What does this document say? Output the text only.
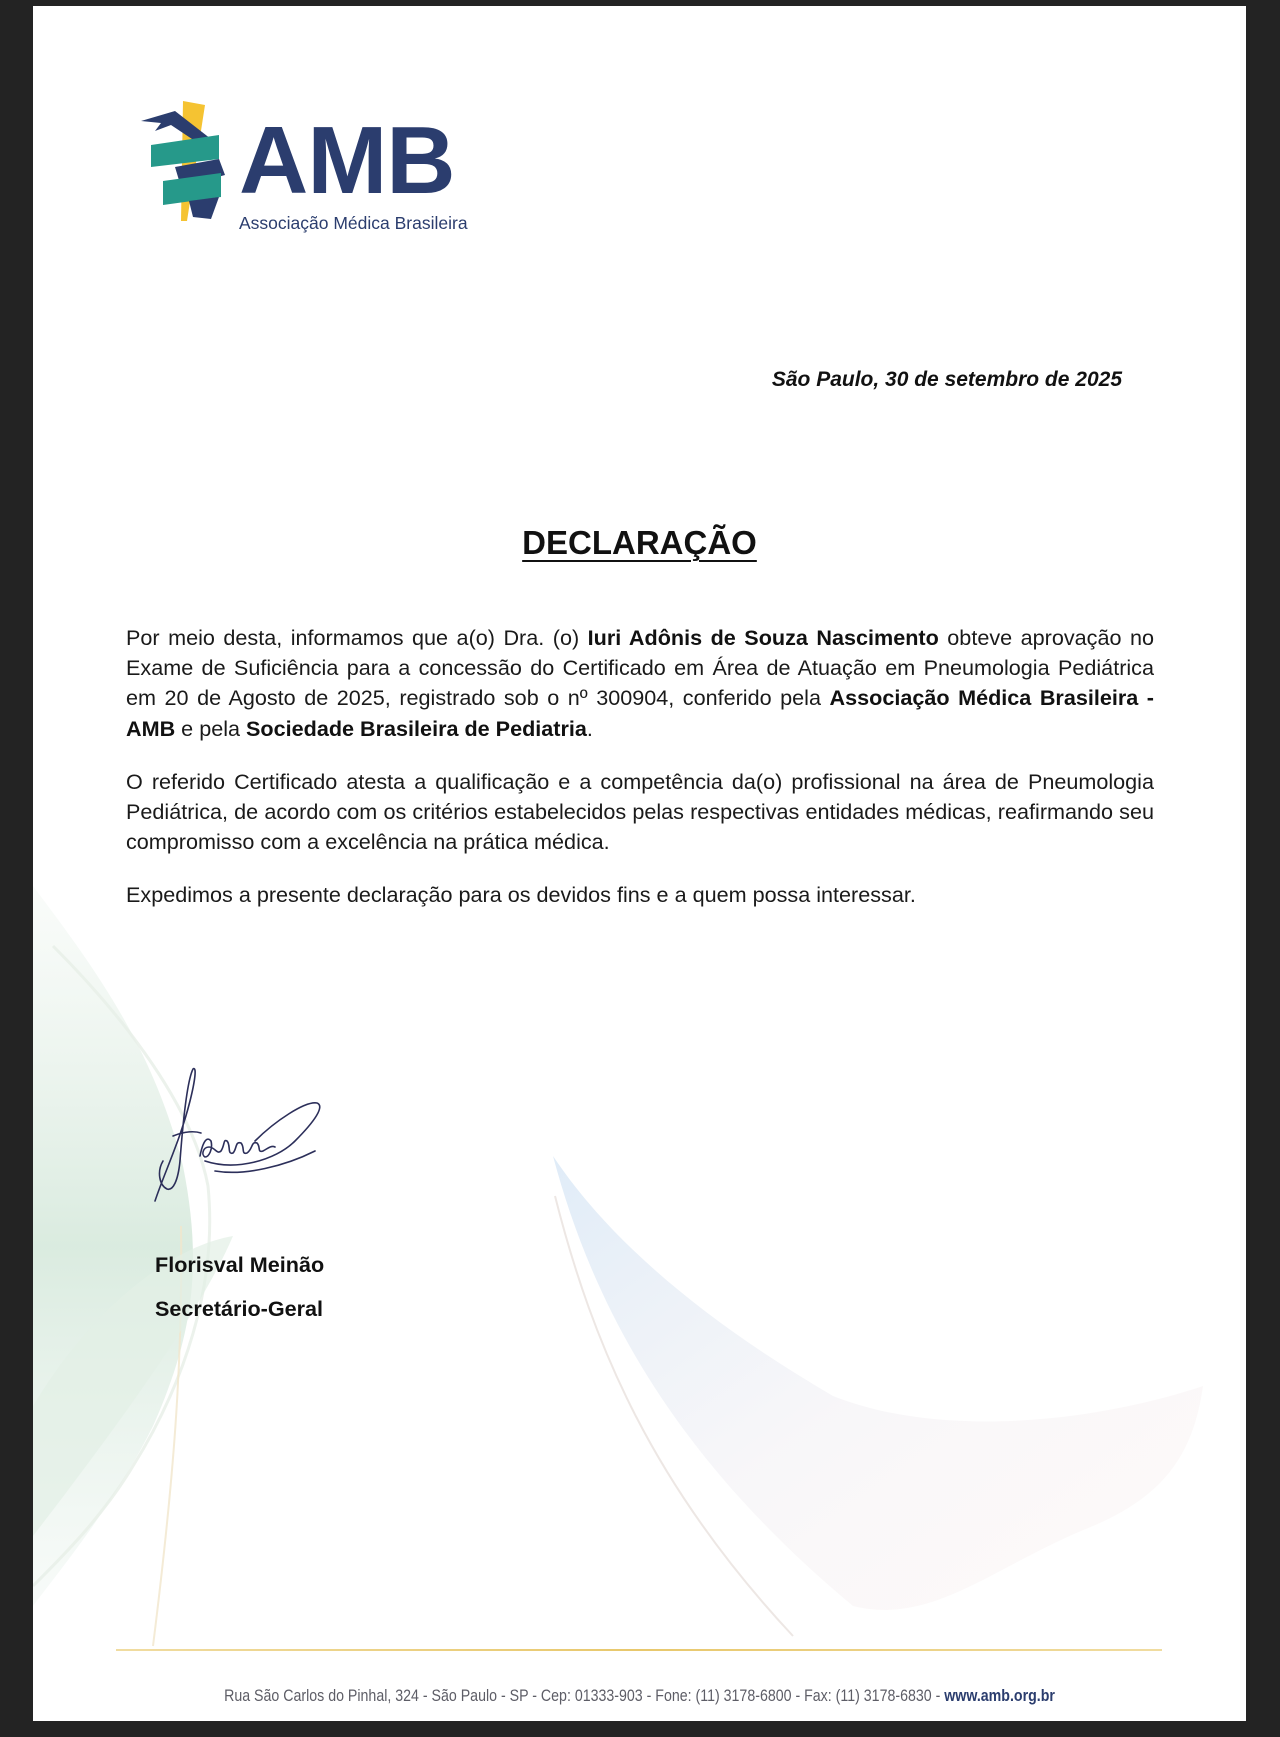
AMB
Associação Médica Brasileira
São Paulo, 30 de setembro de 2025
DECLARAÇÃO

Por meio desta, informamos que a(o) Dra. (o) Iuri Adônis de Souza Nascimento obteve aprovação no Exame de Suficiência para a concessão do Certificado em Área de Atuação em Pneumologia Pediátrica em 20 de Agosto de 2025, registrado sob o nº 300904, conferido pela Associação Médica Brasileira - AMB e pela Sociedade Brasileira de Pediatria.

O referido Certificado atesta a qualificação e a competência da(o) profissional na área de Pneumologia Pediátrica, de acordo com os critérios estabelecidos pelas respectivas entidades médicas, reafirmando seu compromisso com a excelência na prática médica.

Expedimos a presente declaração para os devidos fins e a quem possa interessar.

Florisval Meinão
Secretário-Geral
Rua São Carlos do Pinhal, 324 - São Paulo - SP - Cep: 01333-903 - Fone: (11) 3178-6800 - Fax: (11) 3178-6830 - www.amb.org.br
